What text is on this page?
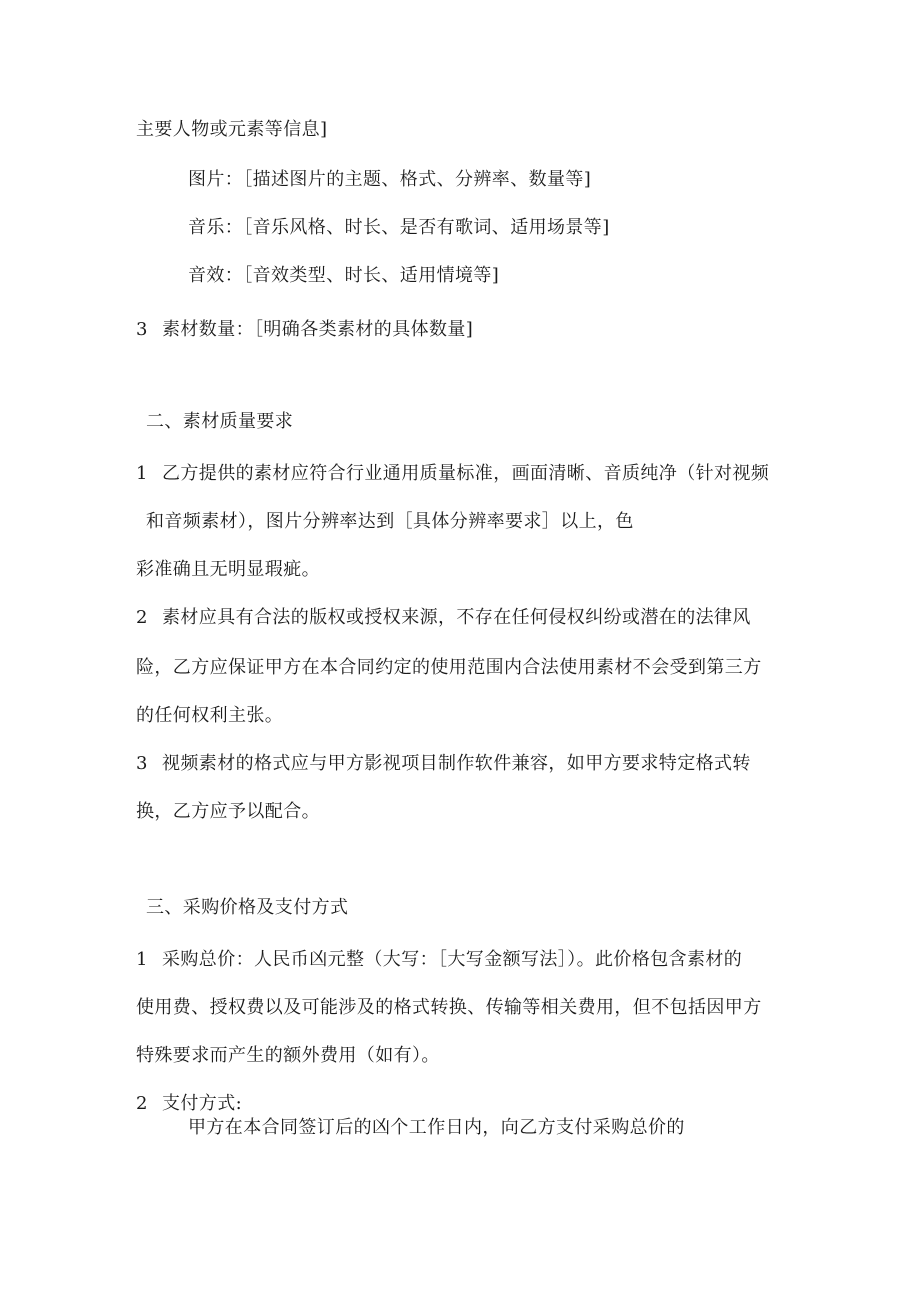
主要人物或元素等信息]
图片：［描述图片的主题、格式、分辨率、数量等]
音乐：［音乐风格、时长、是否有歌词、适用场景等]
音效：［音效类型、时长、适用情境等]
3 素材数量：［明确各类素材的具体数量]
二、素材质量要求
1 乙方提供的素材应符合行业通用质量标准，画面清晰、音质纯净（针对视频
和音频素材），图片分辨率达到［具体分辨率要求］以上，色
彩准确且无明显瑕疵。
2 素材应具有合法的版权或授权来源，不存在任何侵权纠纷或潜在的法律风
险，乙方应保证甲方在本合同约定的使用范围内合法使用素材不会受到第三方
的任何权利主张。
3 视频素材的格式应与甲方影视项目制作软件兼容，如甲方要求特定格式转
换，乙方应予以配合。
三、采购价格及支付方式
1 采购总价：人民币凶元整（大写：［大写金额写法］）。此价格包含素材的
使用费、授权费以及可能涉及的格式转换、传输等相关费用，但不包括因甲方
特殊要求而产生的额外费用（如有）。
2 支付方式:
甲方在本合同签订后的凶个工作日内，向乙方支付采购总价的
